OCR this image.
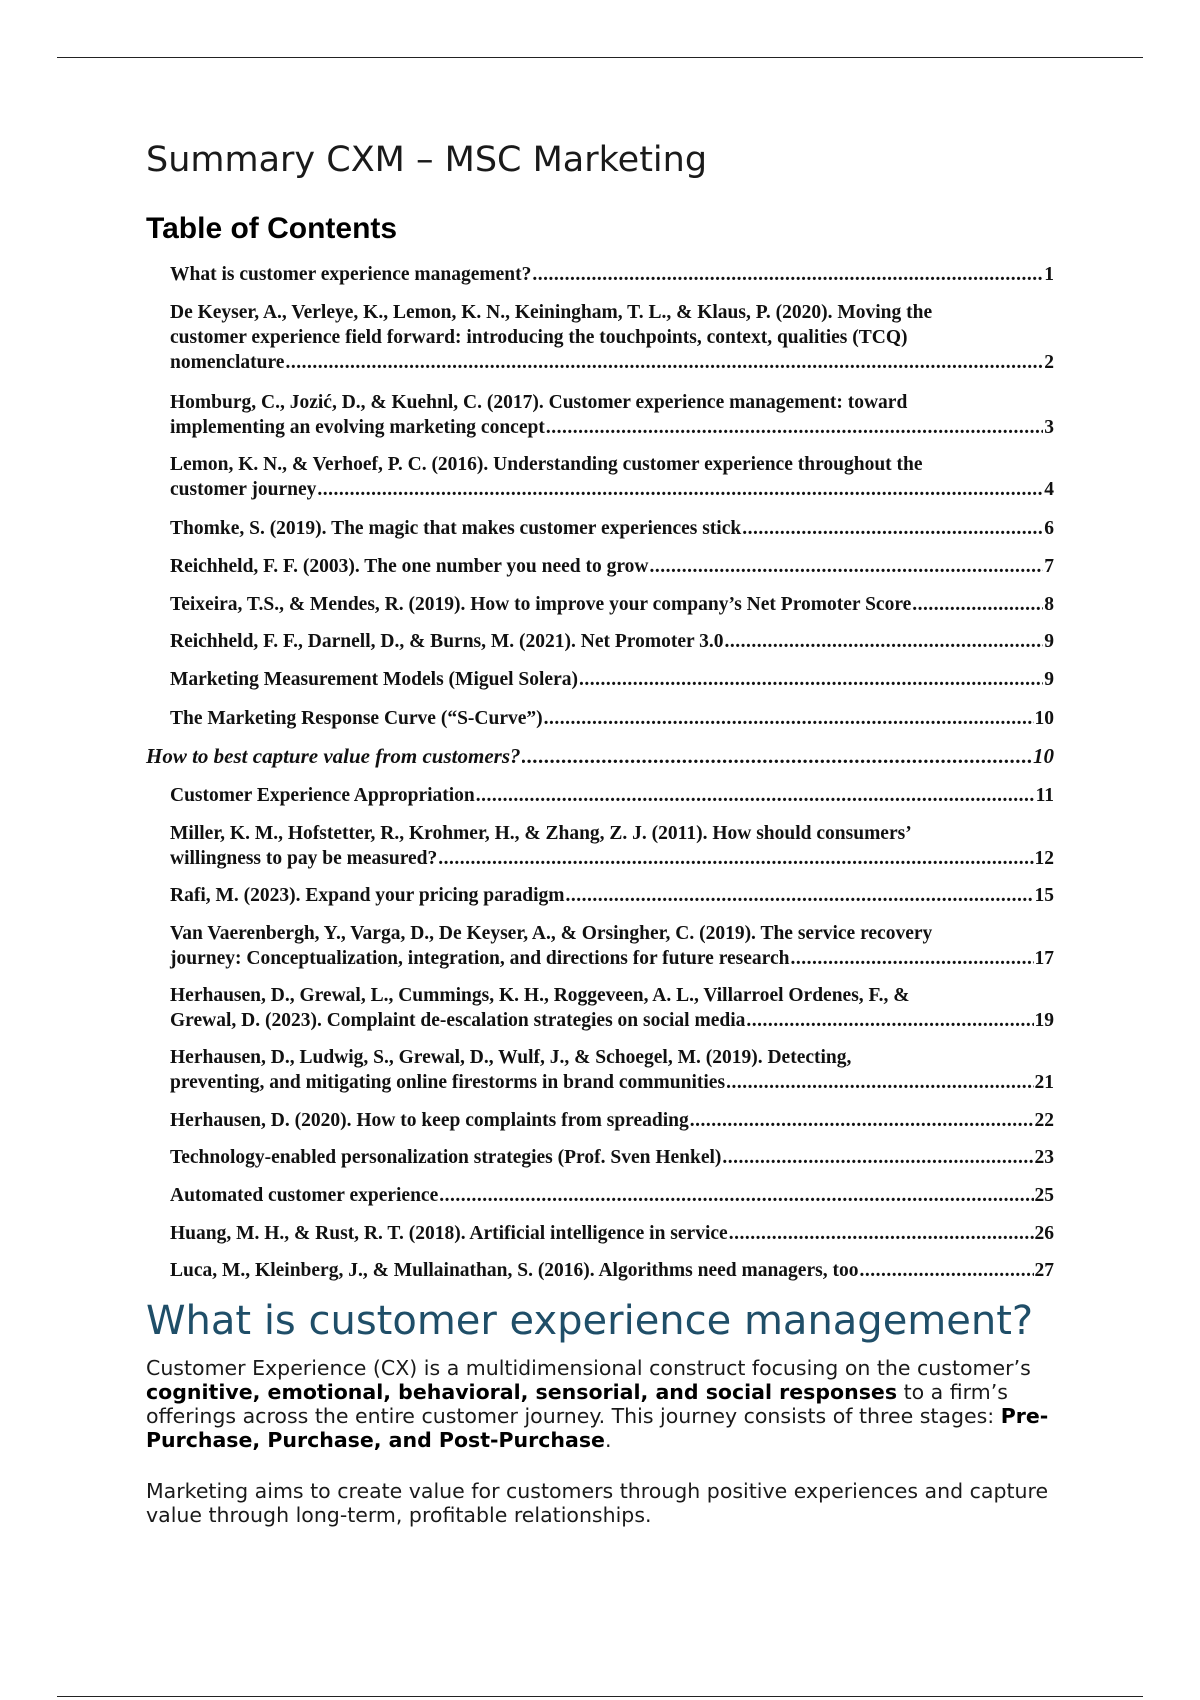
Summary CXM – MSC Marketing
Table of Contents
What is customer experience management? .....	1
De Keyser, A., Verleye, K., Lemon, K. N., Keiningham, T. L., & Klaus, P. (2020). Moving the
customer experience field forward: introducing the touchpoints, context, qualities (TCQ)
nomenclature .....	2
Homburg, C., Jozić, D., & Kuehnl, C. (2017). Customer experience management: toward
implementing an evolving marketing concept .....	3
Lemon, K. N., & Verhoef, P. C. (2016). Understanding customer experience throughout the
customer journey .....	4
Thomke, S. (2019). The magic that makes customer experiences stick .....	6
Reichheld, F. F. (2003). The one number you need to grow .....	7
Teixeira, T.S., & Mendes, R. (2019). How to improve your company’s Net Promoter Score .....	8
Reichheld, F. F., Darnell, D., & Burns, M. (2021). Net Promoter 3.0 .....	9
Marketing Measurement Models (Miguel Solera) .....	9
The Marketing Response Curve (“S-Curve”) .....	10
How to best capture value from customers? .....	10
Customer Experience Appropriation .....	11
Miller, K. M., Hofstetter, R., Krohmer, H., & Zhang, Z. J. (2011). How should consumers’
willingness to pay be measured? .....	12
Rafi, M. (2023). Expand your pricing paradigm .....	15
Van Vaerenbergh, Y., Varga, D., De Keyser, A., & Orsingher, C. (2019). The service recovery
journey: Conceptualization, integration, and directions for future research .....	17
Herhausen, D., Grewal, L., Cummings, K. H., Roggeveen, A. L., Villarroel Ordenes, F., &
Grewal, D. (2023). Complaint de-escalation strategies on social media .....	19
Herhausen, D., Ludwig, S., Grewal, D., Wulf, J., & Schoegel, M. (2019). Detecting,
preventing, and mitigating online firestorms in brand communities .....	21
Herhausen, D. (2020). How to keep complaints from spreading .....	22
Technology-enabled personalization strategies (Prof. Sven Henkel) .....	23
Automated customer experience .....	25
Huang, M. H., & Rust, R. T. (2018). Artificial intelligence in service .....	26
Luca, M., Kleinberg, J., & Mullainathan, S. (2016). Algorithms need managers, too .....	27
What is customer experience management?

Customer Experience (CX) is a multidimensional construct focusing on the customer’s cognitive, emotional, behavioral, sensorial, and social responses to a firm’s offerings across the entire customer journey. This journey consists of three stages: Pre-Purchase, Purchase, and Post-Purchase.

Marketing aims to create value for customers through positive experiences and capture value through long-term, profitable relationships.
